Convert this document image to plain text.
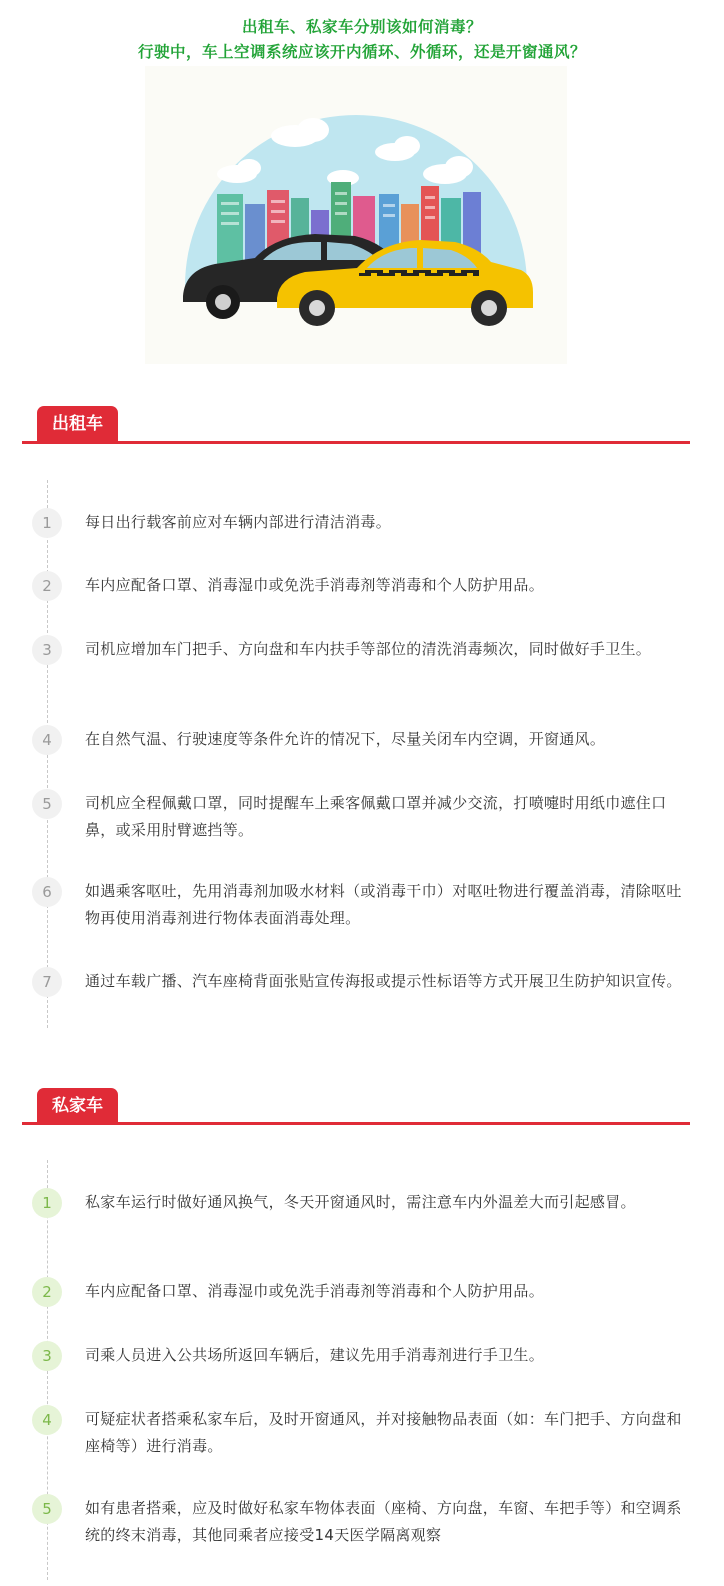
出租车、私家车分别该如何消毒？
行驶中，车上空调系统应该开内循环、外循环，还是开窗通风？
出租车
1	每日出行载客前应对车辆内部进行清洁消毒。
2	车内应配备口罩、消毒湿巾或免洗手消毒剂等消毒和个人防护用品。
3	司机应增加车门把手、方向盘和车内扶手等部位的清洗消毒频次，同时做好手卫生。
4	在自然气温、行驶速度等条件允许的情况下，尽量关闭车内空调，开窗通风。
5	司机应全程佩戴口罩，同时提醒车上乘客佩戴口罩并减少交流，打喷嚏时用纸巾遮住口鼻，或采用肘臂遮挡等。
6	如遇乘客呕吐，先用消毒剂加吸水材料（或消毒干巾）对呕吐物进行覆盖消毒，清除呕吐物再使用消毒剂进行物体表面消毒处理。
7	通过车载广播、汽车座椅背面张贴宣传海报或提示性标语等方式开展卫生防护知识宣传。
私家车
1	私家车运行时做好通风换气，冬天开窗通风时，需注意车内外温差大而引起感冒。
2	车内应配备口罩、消毒湿巾或免洗手消毒剂等消毒和个人防护用品。
3	司乘人员进入公共场所返回车辆后，建议先用手消毒剂进行手卫生。
4	可疑症状者搭乘私家车后，及时开窗通风，并对接触物品表面（如：车门把手、方向盘和座椅等）进行消毒。
5	如有患者搭乘，应及时做好私家车物体表面（座椅、方向盘，车窗、车把手等）和空调系统的终末消毒，其他同乘者应接受14天医学隔离观察
